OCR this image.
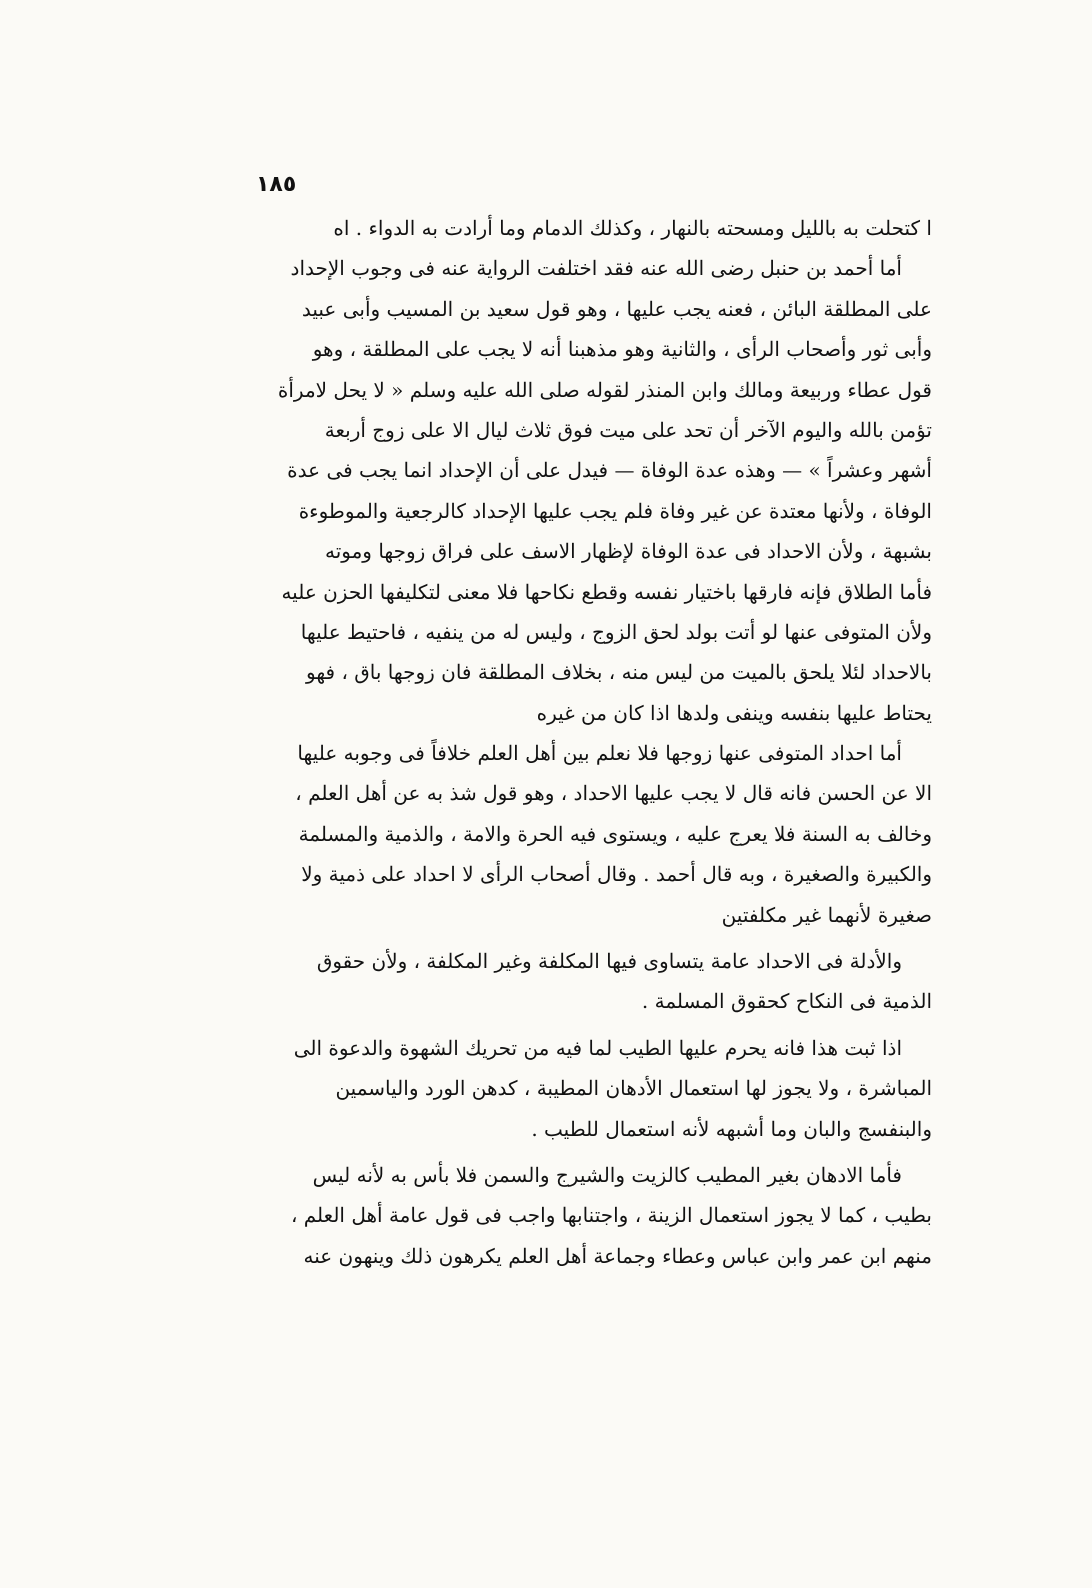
١٨٥
ا كتحلت به بالليل ومسحته بالنهار ، وكذلك الدمام وما أرادت به الدواء . اه
أما أحمد بن حنبل رضى الله عنه فقد اختلفت الرواية عنه فى وجوب الإحداد
على المطلقة البائن ، فعنه يجب عليها ، وهو قول سعيد بن المسيب وأبى عبيد
وأبى ثور وأصحاب الرأى ، والثانية وهو مذهبنا أنه لا يجب على المطلقة ، وهو
قول عطاء وربيعة ومالك وابن المنذر لقوله صلى الله عليه وسلم « لا يحل لامرأة
تؤمن بالله واليوم الآخر أن تحد على ميت فوق ثلاث ليال الا على زوج أربعة
أشهر وعشراً » — وهذه عدة الوفاة — فيدل على أن الإحداد انما يجب فى عدة
الوفاة ، ولأنها معتدة عن غير وفاة فلم يجب عليها الإحداد كالرجعية والموطوءة
بشبهة ، ولأن الاحداد فى عدة الوفاة لإظهار الاسف على فراق زوجها وموته
فأما الطلاق فإنه فارقها باختيار نفسه وقطع نكاحها فلا معنى لتكليفها الحزن عليه
ولأن المتوفى عنها لو أتت بولد لحق الزوج ، وليس له من ينفيه ، فاحتيط عليها
بالاحداد لئلا يلحق بالميت من ليس منه ، بخلاف المطلقة فان زوجها باق ، فهو
يحتاط عليها بنفسه وينفى ولدها اذا كان من غيره
أما احداد المتوفى عنها زوجها فلا نعلم بين أهل العلم خلافاً فى وجوبه عليها
الا عن الحسن فانه قال لا يجب عليها الاحداد ، وهو قول شذ به عن أهل العلم ،
وخالف به السنة فلا يعرج عليه ، ويستوى فيه الحرة والامة ، والذمية والمسلمة
والكبيرة والصغيرة ، وبه قال أحمد . وقال أصحاب الرأى لا احداد على ذمية ولا
صغيرة لأنهما غير مكلفتين
والأدلة فى الاحداد عامة يتساوى فيها المكلفة وغير المكلفة ، ولأن حقوق
الذمية فى النكاح كحقوق المسلمة .
اذا ثبت هذا فانه يحرم عليها الطيب لما فيه من تحريك الشهوة والدعوة الى
المباشرة ، ولا يجوز لها استعمال الأدهان المطيبة ، كدهن الورد والياسمين
والبنفسج والبان وما أشبهه لأنه استعمال للطيب .
فأما الادهان بغير المطيب كالزيت والشيرج والسمن فلا بأس به لأنه ليس
بطيب ، كما لا يجوز استعمال الزينة ، واجتنابها واجب فى قول عامة أهل العلم ،
منهم ابن عمر وابن عباس وعطاء وجماعة أهل العلم يكرهون ذلك وينهون عنه
